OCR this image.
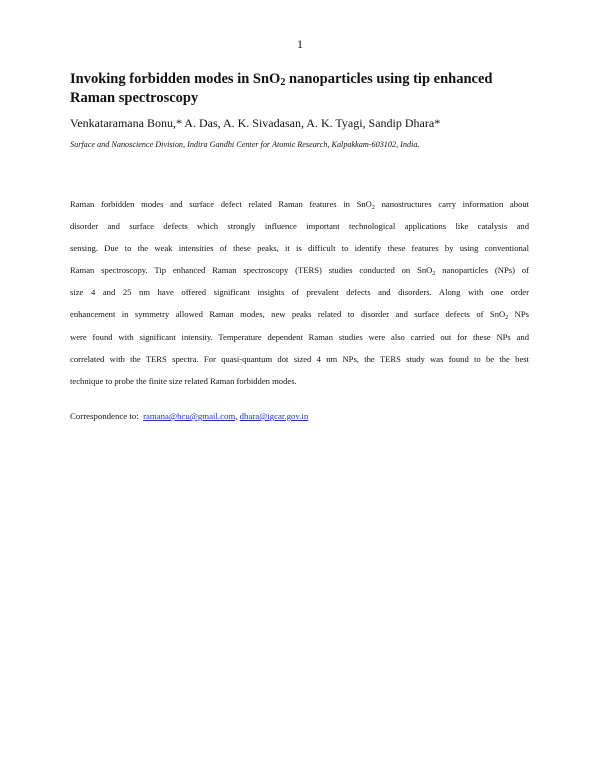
1
Invoking forbidden modes in SnO$_2$ nanoparticles using tip enhanced Raman spectroscopy
Venkataramana Bonu,* A. Das, A. K. Sivadasan, A. K. Tyagi, Sandip Dhara*
Surface and Nanoscience Division, Indira Gandhi Center for Atomic Research, Kalpakkam-603102, India.
Raman forbidden modes and surface defect related Raman features in SnO$_2$ nanostructures carry information about
disorder and surface defects which strongly influence important technological applications like catalysis and
sensing. Due to the weak intensities of these peaks, it is difficult to identify these features by using conventional
Raman spectroscopy. Tip enhanced Raman spectroscopy (TERS) studies conducted on SnO$_2$ nanoparticles (NPs) of
size 4 and 25 nm have offered significant insights of prevalent defects and disorders. Along with one order
enhancement in symmetry allowed Raman modes, new peaks related to disorder and surface defects of SnO$_2$ NPs
were found with significant intensity. Temperature dependent Raman studies were also carried out for these NPs and
correlated with the TERS spectra. For quasi-quantum dot sized 4 nm NPs, the TERS study was found to be the best
technique to probe the finite size related Raman forbidden modes.
Correspondence to: ramana@hcu@gmail.com, dhara@igcar.gov.in
